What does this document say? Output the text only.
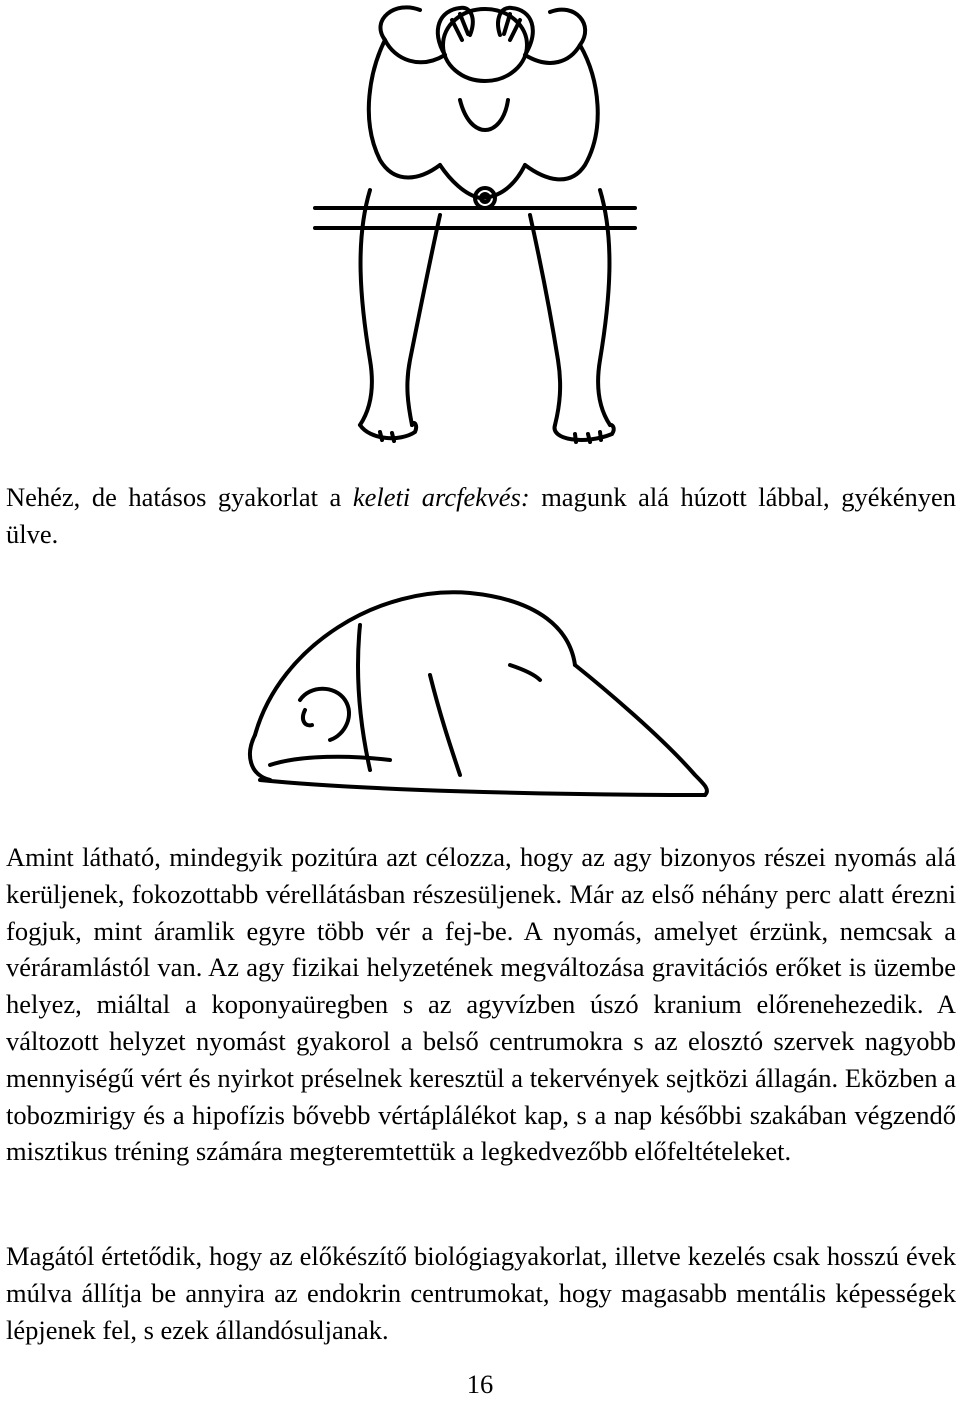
Nehéz, de hatásos gyakorlat a keleti arcfekvés: magunk alá húzott lábbal, gyékényen ülve.

Amint látható, mindegyik pozitúra azt célozza, hogy az agy bizonyos részei nyomás alá kerüljenek, fokozottabb vérellátásban részesüljenek. Már az első néhány perc alatt érezni fogjuk, mint áramlik egyre több vér a fej-be. A nyomás, amelyet érzünk, nemcsak a véráramlástól van. Az agy fizikai helyzetének megváltozása gravitációs erőket is üzembe helyez, miáltal a koponyaüregben s az agyvízben úszó kranium előrenehezedik. A változott helyzet nyomást gyakorol a belső centrumokra s az elosztó szervek nagyobb mennyiségű vért és nyirkot préselnek keresztül a tekervények sejtközi állagán. Eközben a tobozmirigy és a hipofízis bővebb vértáplálékot kap, s a nap későbbi szakában végzendő misztikus tréning számára megteremtettük a legkedvezőbb előfeltételeket.

Magától értetődik, hogy az előkészítő biológiagyakorlat, illetve kezelés csak hosszú évek múlva állítja be annyira az endokrin centrumokat, hogy magasabb mentális képességek lépjenek fel, s ezek állandósuljanak.

16
